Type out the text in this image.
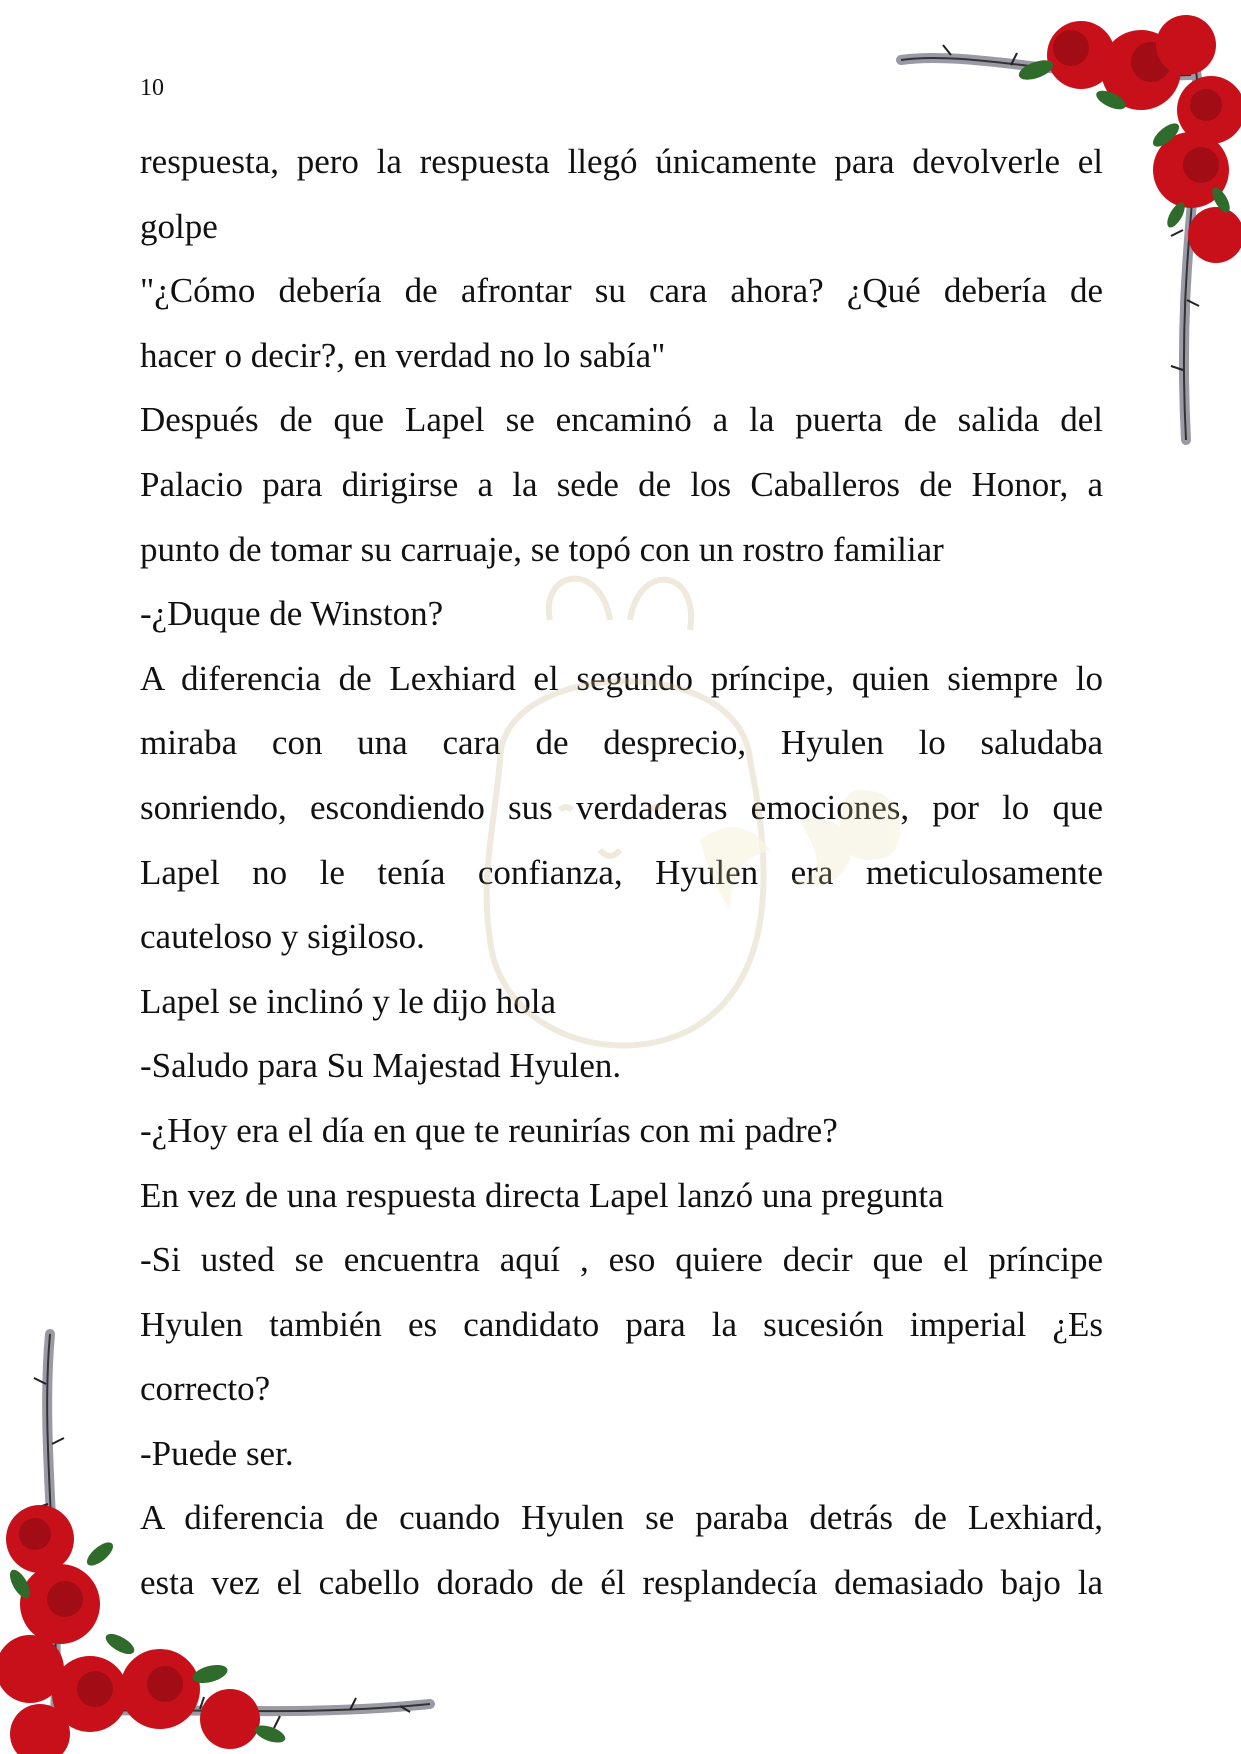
10
respuesta, pero la respuesta llegó únicamente para devolverle el
golpe
"¿Cómo debería de afrontar su cara ahora? ¿Qué debería de
hacer o decir?, en verdad no lo sabía"
Después de que Lapel se encaminó a la puerta de salida del
Palacio para dirigirse a la sede de los Caballeros de Honor, a
punto de tomar su carruaje, se topó con un rostro familiar
-¿Duque de Winston?
A diferencia de Lexhiard el segundo príncipe, quien siempre lo
miraba con una cara de desprecio, Hyulen lo saludaba
sonriendo, escondiendo sus verdaderas emociones, por lo que
Lapel no le tenía confianza, Hyulen era meticulosamente
cauteloso y sigiloso.
Lapel se inclinó y le dijo hola
-Saludo para Su Majestad Hyulen.
-¿Hoy era el día en que te reunirías con mi padre?
En vez de una respuesta directa Lapel lanzó una pregunta
-Si usted se encuentra aquí , eso quiere decir que el príncipe
Hyulen también es candidato para la sucesión imperial ¿Es
correcto?
-Puede ser.
A diferencia de cuando Hyulen se paraba detrás de Lexhiard,
esta vez el cabello dorado de él resplandecía demasiado bajo la
